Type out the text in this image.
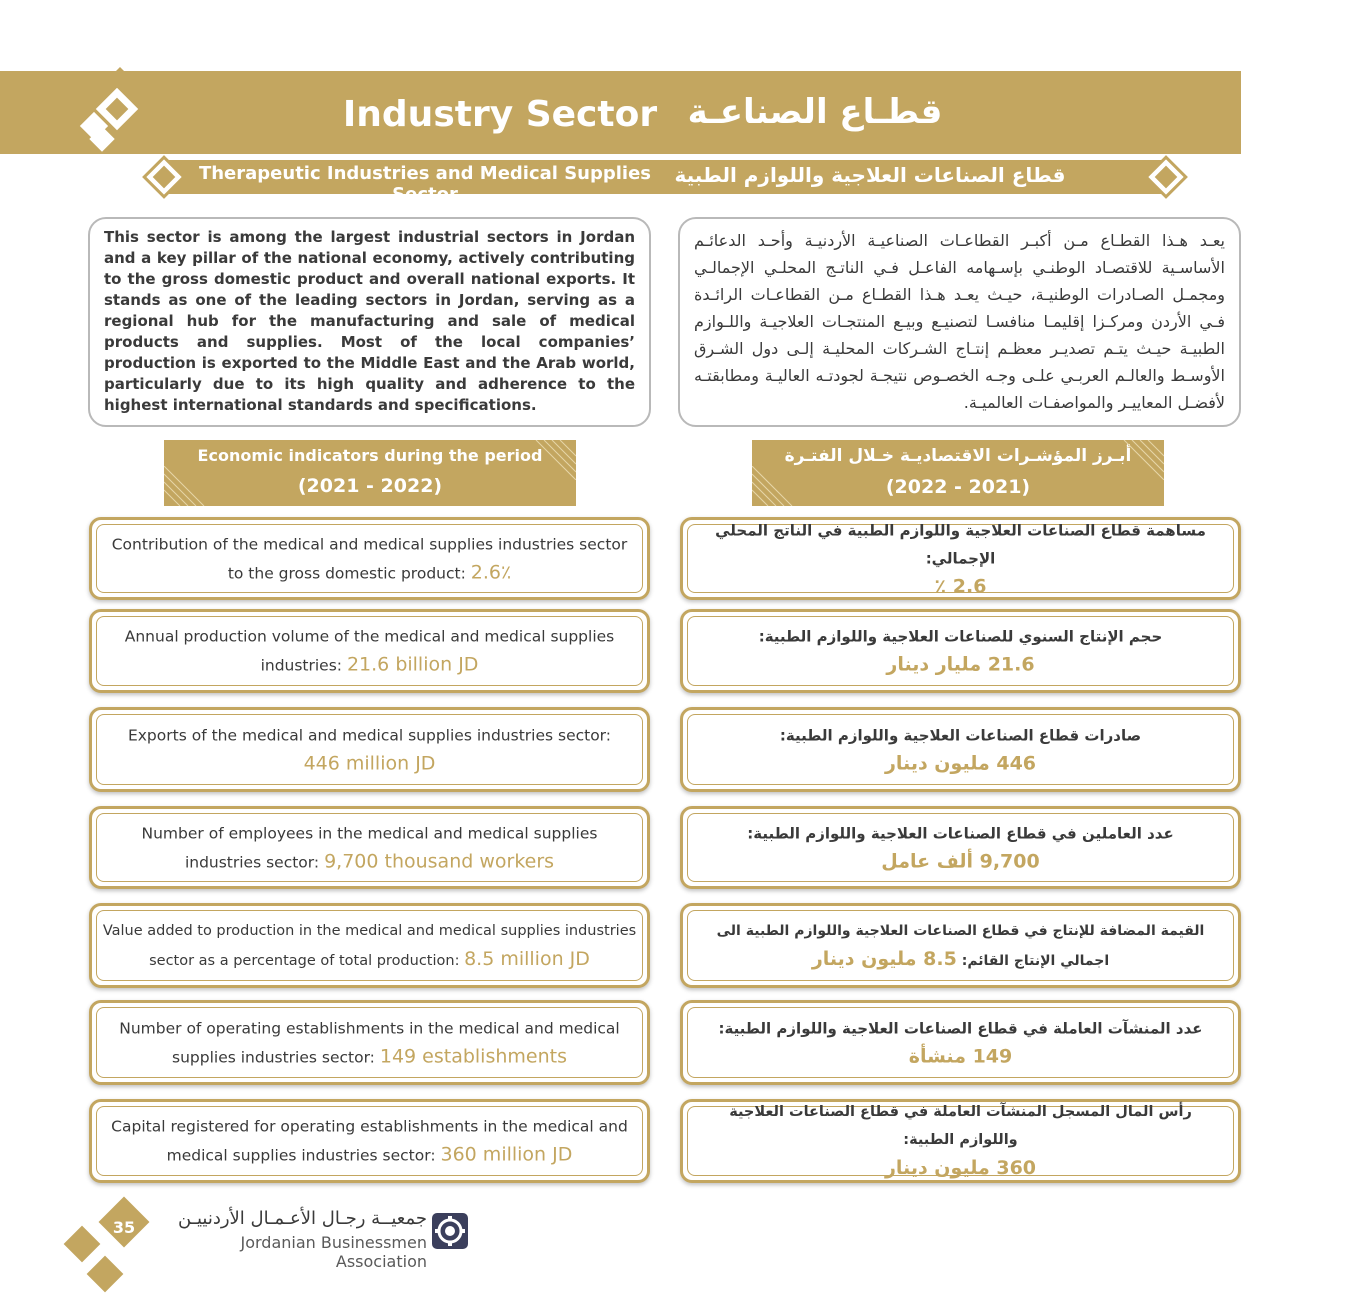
Industry Sector قطـاع الصناعـة
Therapeutic Industries and Medical Supplies Sector
قطاع الصناعات العلاجية واللوازم الطبية

This sector is among the largest industrial sectors in Jordan and a key pillar of the national economy, actively contributing to the gross domestic product and overall national exports. It stands as one of the leading sectors in Jordan, serving as a regional hub for the manufacturing and sale of medical products and supplies. Most of the local companies’ production is exported to the Middle East and the Arab world, particularly due to its high quality and adherence to the highest international standards and specifications.

يعـد هـذا القطـاع مـن أكبـر القطاعـات الصناعيـة الأردنيـة وأحـد الدعائـم الأساسـية للاقتصـاد الوطنـي بإسـهامه الفاعـل فـي الناتـج المحلـي الإجمالـي ومجمـل الصـادرات الوطنيـة، حيـث يعـد هـذا القطـاع مـن القطاعـات الرائـدة فـي الأردن ومركـزا إقليمـا منافسـا لتصنيـع وبيـع المنتجـات العلاجيـة واللـوازم الطبيـة حيـث يتـم تصديـر معظـم إنتـاج الشـركات المحليـة إلـى دول الشـرق الأوسـط والعالـم العربـي علـى وجـه الخصـوص نتيجـة لجودتـه العاليـة ومطابقتـه لأفضـل المعاييـر والمواصفـات العالميـة.

Economic indicators during the period
(2021 - 2022)
أبـرز المؤشـرات الاقتصاديـة خـلال الفتـرة
(2022 - 2021)
Contribution of the medical and medical supplies industries sector to the gross domestic product: 2.6٪
Annual production volume of the medical and medical supplies industries: 21.6 billion JD
Exports of the medical and medical supplies industries sector:
446 million JD
Number of employees in the medical and medical supplies industries sector: 9,700 thousand workers
Value added to production in the medical and medical supplies industries sector as a percentage of total production: 8.5 million JD
Number of operating establishments in the medical and medical supplies industries sector: 149 establishments
Capital registered for operating establishments in the medical and medical supplies industries sector: 360 million JD
مساهمة قطاع الصناعات العلاجية واللوازم الطبية في الناتج المحلي الإجمالي:
2.6 ٪
حجم الإنتاج السنوي للصناعات العلاجية واللوازم الطبية:
21.6 مليار دينار
صادرات قطاع الصناعات العلاجية واللوازم الطبية:
446 مليون دينار
عدد العاملين في قطاع الصناعات العلاجية واللوازم الطبية:
9,700 ألف عامل
القيمة المضافة للإنتاج في قطاع الصناعات العلاجية واللوازم الطبية الى اجمالي الإنتاج القائم: 8.5 مليون دينار
عدد المنشآت العاملة في قطاع الصناعات العلاجية واللوازم الطبية:
149 منشأة
رأس المال المسجل المنشآت العاملة في قطاع الصناعات العلاجية واللوازم الطبية:
360 مليون دينار
35	جمعيــة رجـال الأعـمـال الأردنييـن
Jordanian Businessmen Association
